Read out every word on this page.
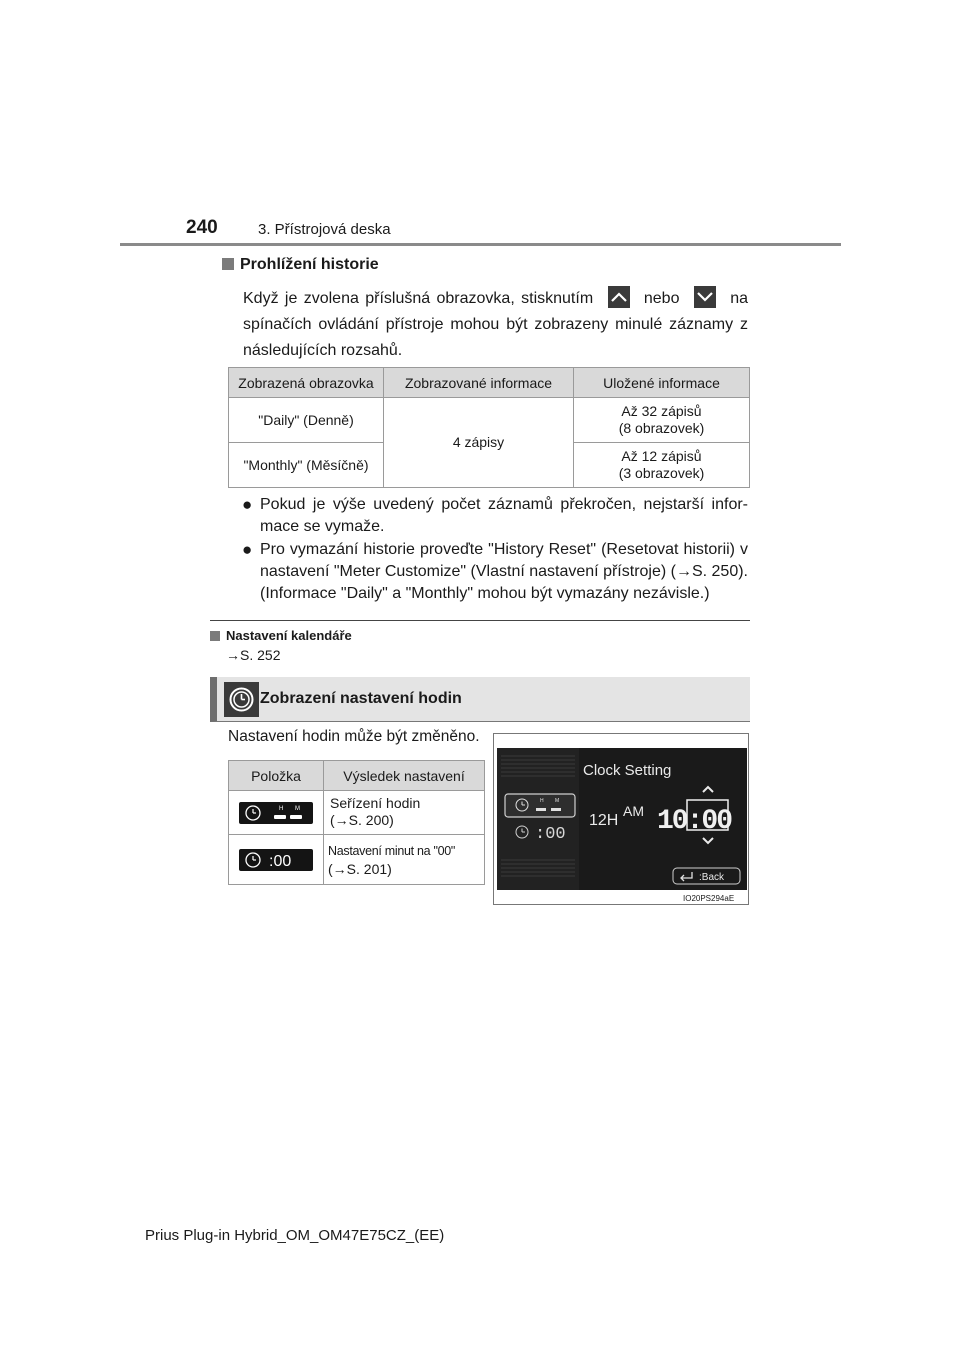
240	3. Přístrojová deska
Prohlížení historie
Když je zvolena příslušná obrazovka, stisknutím	nebo	na spínačích ovládání přístroje mohou být zobrazeny minulé záznamy z následujících rozsahů.
Zobrazená obrazovka	Zobrazované informace	Uložené informace
"Daily" (Denně)	4 zápisy	Až 32 zápisů
(8 obrazovek)
"Monthly" (Měsíčně)		Až 12 zápisů
(3 obrazovek)
● Pokud je výše uvedený počet záznamů překročen, nejstarší infor-mace se vymaže.
● Pro vymazání historie proveďte "History Reset" (Resetovat historii) v nastavení "Meter Customize" (Vlastní nastavení přístroje) (→S. 250). (Informace "Daily" a "Monthly" mohou být vymazány nezávisle.)
Nastavení kalendáře
→S. 252
Zobrazení nastavení hodin
Nastavení hodin může být změněno.
Položka	Výsledek nastavení

H M	Seřízení hodin
(→S. 200)

:00	Nastavení minut na "00"
(→S. 201)
H M
:00
Clock Setting
12H
AM 10:00
:Back
IO20PS294aE
Prius Plug-in Hybrid_OM_OM47E75CZ_(EE)
